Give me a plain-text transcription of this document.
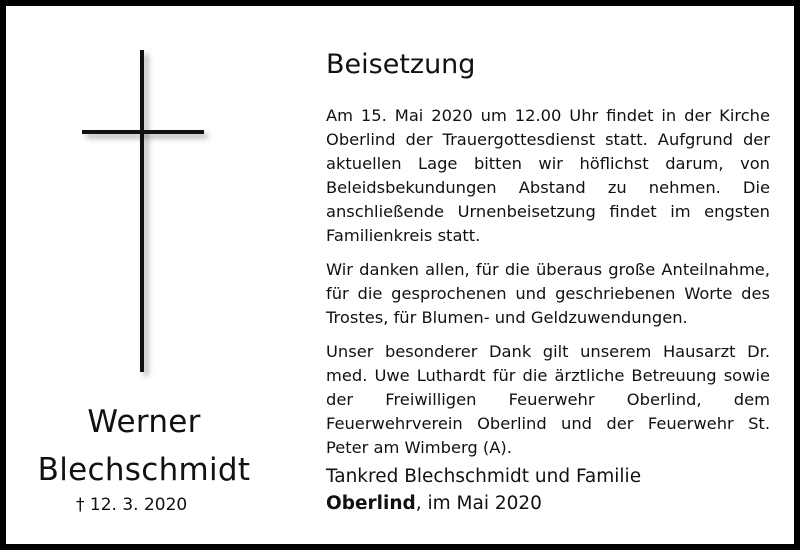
Werner
Blechschmidt
† 12. 3. 2020
Beisetzung

Am 15. Mai 2020 um 12.00 Uhr findet in der Kirche Oberlind der Trauergottesdienst statt. Aufgrund der aktuellen Lage bitten wir höflichst darum, von Beleidsbekundungen Abstand zu nehmen. Die anschließende Urnenbeisetzung findet im engsten Familienkreis statt.

Wir danken allen, für die überaus große Anteilnahme, für die gesprochenen und geschriebenen Worte des Trostes, für Blumen- und Geldzuwendungen.

Unser besonderer Dank gilt unserem Hausarzt Dr. med. Uwe Luthardt für die ärztliche Betreuung sowie der Freiwilligen Feuerwehr Oberlind, dem Feuerwehrverein Oberlind und der Feuerwehr St. Peter am Wimberg (A).

Tankred Blechschmidt und Familie
Oberlind, im Mai 2020
